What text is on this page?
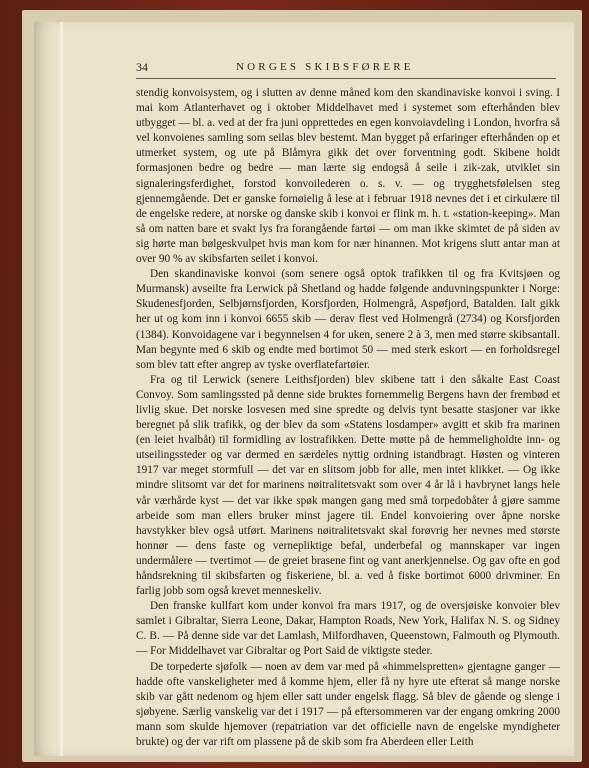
34	NORGES SKIBSFØRERE

stendig konvoisystem, og i slutten av denne måned kom den skandinaviske konvoi i sving. I mai kom Atlanterhavet og i oktober Middelhavet med i systemet som efterhånden blev utbygget — bl. a. ved at der fra juni opprettedes en egen konvoiavdeling i London, hvorfra så vel konvoienes samling som seilas blev bestemt. Man bygget på erfaringer efterhånden op et utmerket system, og ute på Blåmyra gikk det over forventning godt. Skibene holdt formasjonen bedre og bedre — man lærte sig endogså å seile i zik-zak, utviklet sin signaleringsferdighet, forstod konvoilederen o. s. v. — og trygghetsfølelsen steg gjennemgående. Det er ganske fornøielig å lese at i februar 1918 nevnes det i et cirkulære til de engelske redere, at norske og danske skib i konvoi er flink m. h. t. «station-keeping». Man så om natten bare et svakt lys fra forangående fartøi — om man ikke skimtet de på siden av sig hørte man bølgeskvulpet hvis man kom for nær hinannen. Mot krigens slutt antar man at over 90 % av skibsfarten seilet i konvoi.

Den skandinaviske konvoi (som senere også optok trafikken til og fra Kvitsjøen og Murmansk) avseilte fra Lerwick på Shetland og hadde følgende anduvningspunkter i Norge: Skudenesfjorden, Selbjørnsfjorden, Korsfjorden, Holmengrå, Aspøfjord, Batalden. Ialt gikk her ut og kom inn i konvoi 6655 skib — derav flest ved Holmengrå (2734) og Korsfjorden (1384). Konvoidagene var i begynnelsen 4 for uken, senere 2 à 3, men med større skibsantall. Man begynte med 6 skib og endte med bortimot 50 — med sterk eskort — en forholdsregel som blev tatt efter angrep av tyske overflatefartøier.

Fra og til Lerwick (senere Leithsfjorden) blev skibene tatt i den såkalte East Coast Convoy. Som samlingssted på denne side bruktes fornemmelig Bergens havn der frembød et livlig skue. Det norske losvesen med sine spredte og delvis tynt besatte stasjoner var ikke beregnet på slik trafikk, og der blev da som «Statens losdamper» avgitt et skib fra marinen (en leiet hvalbåt) til formidling av lostrafikken. Dette møtte på de hemmeligholdte inn- og utseilingssteder og var dermed en særdeles nyttig ordning istandbragt. Høsten og vinteren 1917 var meget stormfull — det var en slitsom jobb for alle, men intet klikket. — Og ikke mindre slitsomt var det for marinens nøitralitetsvakt som over 4 år lå i havbrynet langs hele vår værhårde kyst — det var ikke spøk mangen gang med små torpedobåter å gjøre samme arbeide som man ellers bruker minst jagere til. Endel konvoiering over åpne norske havstykker blev også utført. Marinens nøitralitetsvakt skal forøvrig her nevnes med største honnør — dens faste og vernepliktige befal, underbefal og mannskaper var ingen undermålere — tvertimot — de greiet brasene fint og vant anerkjennelse. Og gav ofte en god håndsrekning til skibsfarten og fiskeriene, bl. a. ved å fiske bortimot 6000 drivminer. En farlig jobb som også krevet menneskeliv.

Den franske kullfart kom under konvoi fra mars 1917, og de oversjøiske konvoier blev samlet i Gibraltar, Sierra Leone, Dakar, Hampton Roads, New York, Halifax N. S. og Sidney C. B. — På denne side var det Lamlash, Milfordhaven, Queenstown, Falmouth og Plymouth. — For Middelhavet var Gibraltar og Port Said de viktigste steder.

De torpederte sjøfolk — noen av dem var med på «himmelspretten» gjentagne ganger — hadde ofte vanskeligheter med å komme hjem, eller få ny hyre ute efterat så mange norske skib var gått nedenom og hjem eller satt under engelsk flagg. Så blev de gående og slenge i sjøbyene. Særlig vanskelig var det i 1917 — på eftersommeren var der engang omkring 2000 mann som skulde hjemover (repatriation var det officielle navn de engelske myndigheter brukte) og der var rift om plassene på de skib som fra Aberdeen eller Leith
